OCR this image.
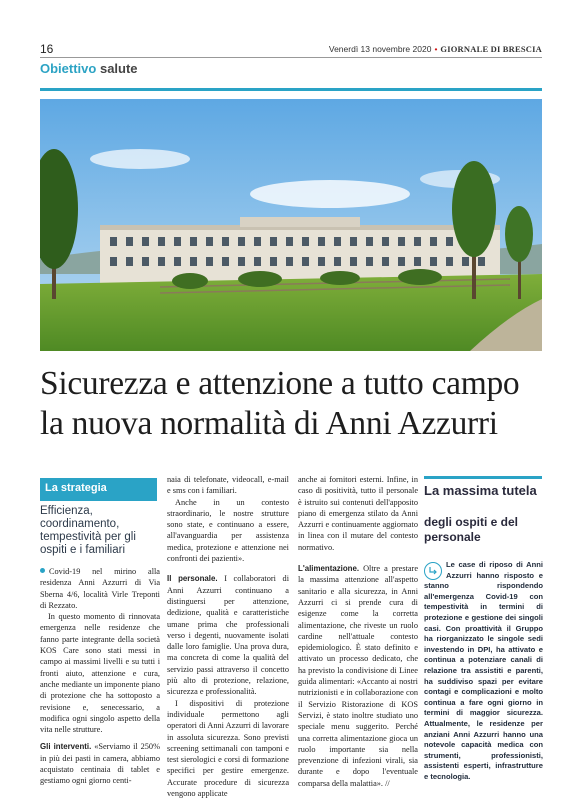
16	Venerdì 13 novembre 2020 • GIORNALE DI BRESCIA
Obiettivo salute
Sicurezza e attenzione a tutto campo
la nuova normalità di Anni Azzurri
La strategia
Efficienza, coordinamento, tempestività per gli ospiti e i familiari

Covid-19 nel mirino alla residenza Anni Azzurri di Via Sberna 4/6, località Virle Treponti di Rezzato.

In questo momento di rinnovata emergenza nelle residenze che fanno parte integrante della società KOS Care sono stati messi in campo ai massimi livelli e su tutti i fronti aiuto, attenzione e cura, anche mediante un imponente piano di protezione che ha sottoposto a revisione e, senecessario, a modifica ogni singolo aspetto della vita nelle strutture.

Gli interventi. «Serviamo il 250% in più dei pasti in camera, abbiamo acquistato centinaia di tablet e gestiamo ogni giorno centi-

naia di telefonate, videocall, e-mail e sms con i familiari.

Anche in un contesto straordinario, le nostre strutture sono state, e continuano a essere, all'avanguardia per assistenza medica, protezione e attenzione nei confronti dei pazienti».

Il personale. I collaboratori di Anni Azzurri continuano a distinguersi per attenzione, dedizione, qualità e caratteristiche umane prima che professionali verso i degenti, nuovamente isolati dalle loro famiglie. Una prova dura, ma concreta di come la qualità del servizio passi attraverso il concetto più alto di protezione, relazione, sicurezza e professionalità.

I dispositivi di protezione individuale permettono agli operatori di Anni Azzurri di lavorare in assoluta sicurezza. Sono previsti screening settimanali con tamponi e test sierologici e corsi di formazione specifici per gestire emergenze. Accurate procedure di sicurezza vengono applicate

anche ai fornitori esterni. Infine, in caso di positività, tutto il personale è istruito sui contenuti dell'apposito piano di emergenza stilato da Anni Azzurri e continuamente aggiornato in linea con il mutare del contesto normativo.

L'alimentazione. Oltre a prestare la massima attenzione all'aspetto sanitario e alla sicurezza, in Anni Azzurri ci si prende cura di esigenze come la corretta alimentazione, che riveste un ruolo cardine nell'attuale contesto epidemiologico. È stato definito e attivato un processo dedicato, che ha previsto la condivisione di Linee guida alimentari: «Accanto ai nostri nutrizionisti e in collaborazione con il Servizio Ristorazione di KOS Servizi, è stato inoltre studiato uno speciale menu suggerito. Perché una corretta alimentazione gioca un ruolo importante sia nella prevenzione di infezioni virali, sia durante e dopo l'eventuale comparsa della malattia». //

La massima tutela
degli ospiti e del personale
Le case di riposo di Anni Azzurri hanno risposto e stanno rispondendo all'emergenza Covid-19 con tempestività in termini di protezione e gestione dei singoli casi. Con proattività il Gruppo ha riorganizzato le singole sedi investendo in DPI, ha attivato e continua a potenziare canali di relazione tra assistiti e parenti, ha suddiviso spazi per evitare contagi e complicazioni e molto continua a fare ogni giorno in termini di maggior sicurezza. Attualmente, le residenze per anziani Anni Azzurri hanno una notevole capacità medica con strumenti, professionisti, assistenti esperti, infrastrutture e tecnologia.
